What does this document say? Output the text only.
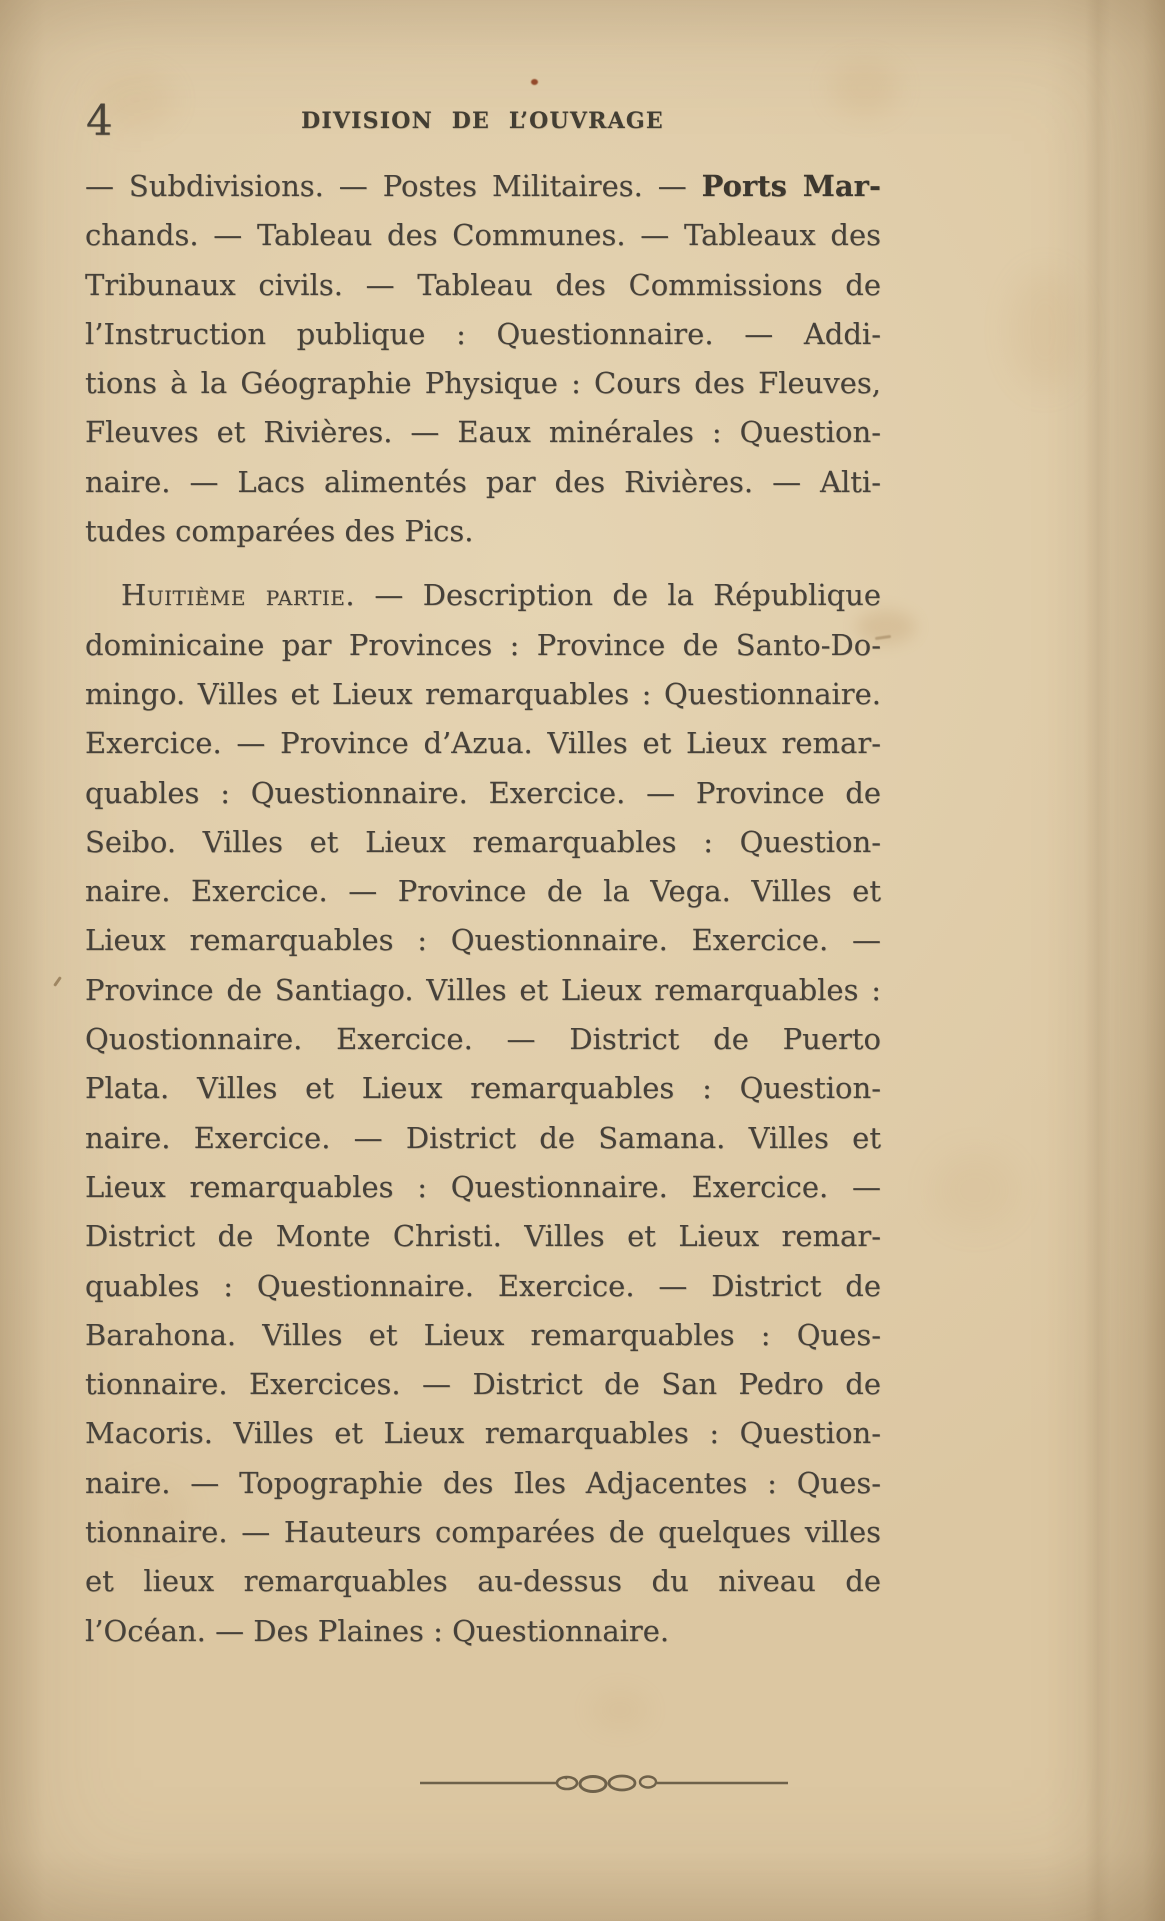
4	DIVISION DE L’OUVRAGE
— Subdivisions. — Postes Militaires. — Ports Mar-
chands. — Tableau des Communes. — Tableaux des
Tribunaux civils. — Tableau des Commissions de
l’Instruction publique : Questionnaire. — Addi-
tions à la Géographie Physique : Cours des Fleuves,
Fleuves et Rivières. — Eaux minérales : Question-
naire. — Lacs alimentés par des Rivières. — Alti-
tudes comparées des Pics.
Huitième partie. — Description de la République
dominicaine par Provinces : Province de Santo-Do-
mingo. Villes et Lieux remarquables : Questionnaire.
Exercice. — Province d’Azua. Villes et Lieux remar-
quables : Questionnaire. Exercice. — Province de
Seibo. Villes et Lieux remarquables : Question-
naire. Exercice. — Province de la Vega. Villes et
Lieux remarquables : Questionnaire. Exercice. —
Province de Santiago. Villes et Lieux remarquables :
Quostionnaire. Exercice. — District de Puerto
Plata. Villes et Lieux remarquables : Question-
naire. Exercice. — District de Samana. Villes et
Lieux remarquables : Questionnaire. Exercice. —
District de Monte Christi. Villes et Lieux remar-
quables : Questionnaire. Exercice. — District de
Barahona. Villes et Lieux remarquables : Ques-
tionnaire. Exercices. — District de San Pedro de
Macoris. Villes et Lieux remarquables : Question-
naire. — Topographie des Iles Adjacentes : Ques-
tionnaire. — Hauteurs comparées de quelques villes
et lieux remarquables au-dessus du niveau de
l’Océan. — Des Plaines : Questionnaire.
